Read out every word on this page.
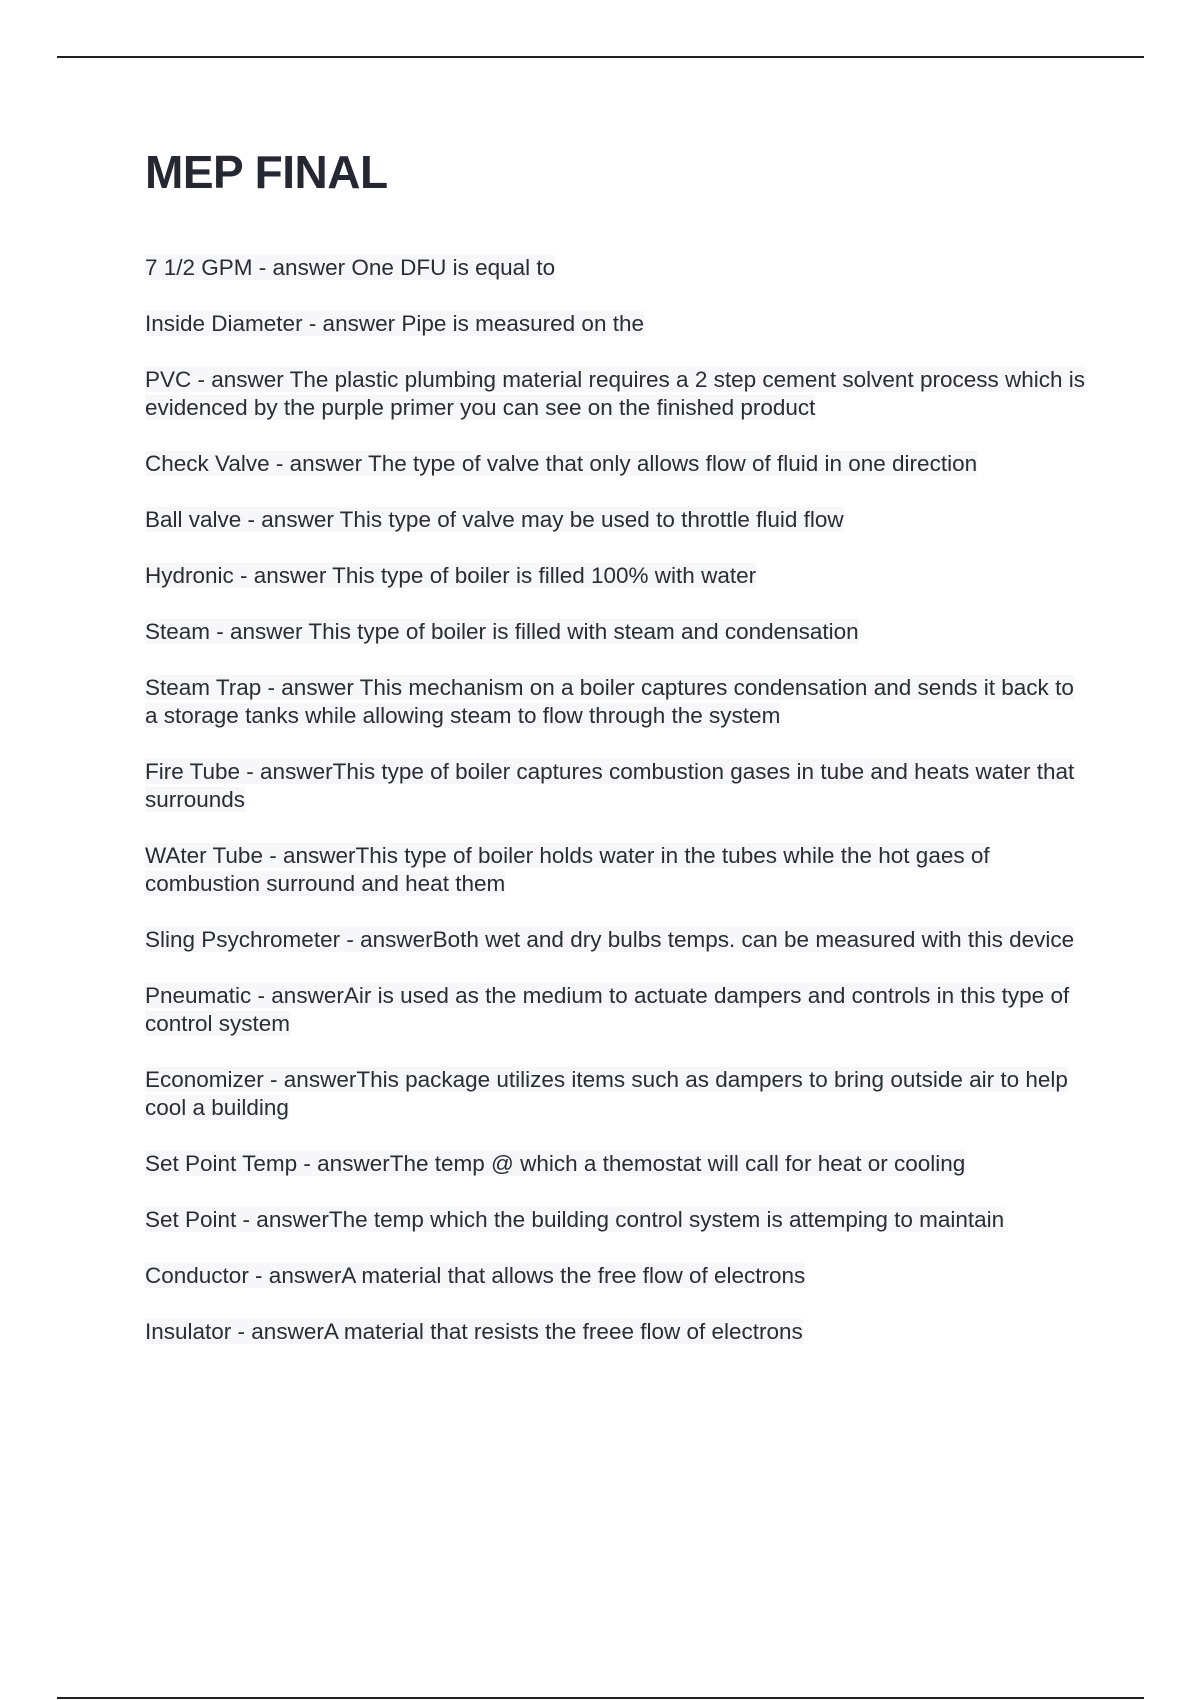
MEP FINAL
7 1/2 GPM - answer One DFU is equal to
Inside Diameter - answer Pipe is measured on the
PVC - answer The plastic plumbing material requires a 2 step cement solvent process which is evidenced by the purple primer you can see on the finished product
Check Valve - answer The type of valve that only allows flow of fluid in one direction
Ball valve - answer This type of valve may be used to throttle fluid flow
Hydronic - answer This type of boiler is filled 100% with water
Steam - answer This type of boiler is filled with steam and condensation
Steam Trap - answer This mechanism on a boiler captures condensation and sends it back to a storage tanks while allowing steam to flow through the system
Fire Tube - answerThis type of boiler captures combustion gases in tube and heats water that surrounds
WAter Tube - answerThis type of boiler holds water in the tubes while the hot gaes of combustion surround and heat them
Sling Psychrometer - answerBoth wet and dry bulbs temps. can be measured with this device
Pneumatic - answerAir is used as the medium to actuate dampers and controls in this type of control system
Economizer - answerThis package utilizes items such as dampers to bring outside air to help cool a building
Set Point Temp - answerThe temp @ which a themostat will call for heat or cooling
Set Point - answerThe temp which the building control system is attemping to maintain
Conductor - answerA material that allows the free flow of electrons
Insulator - answerA material that resists the freee flow of electrons
